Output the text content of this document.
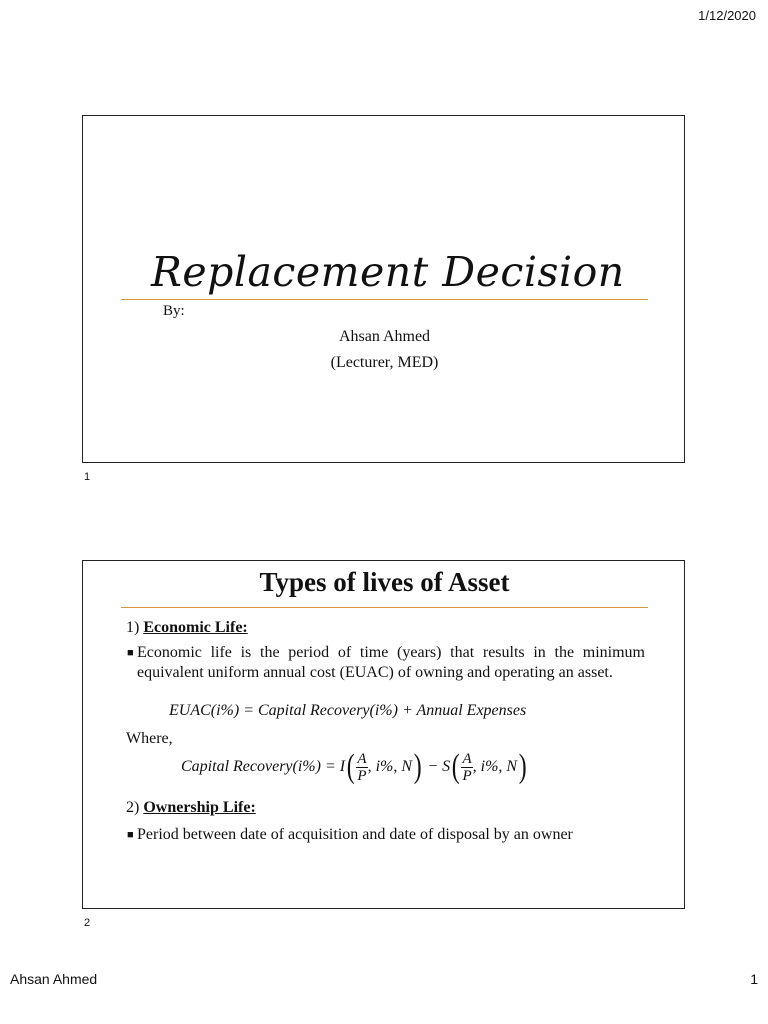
1/12/2020
Replacement Decision
By:
Ahsan Ahmed
(Lecturer, MED)
1
Types of lives of Asset
1) Economic Life:
■ Economic life is the period of time (years) that results in the minimum equivalent uniform annual cost (EUAC) of owning and operating an asset.
EUAC(i%) = Capital Recovery(i%) + Annual Expenses
Where,
Capital Recovery(i%) = $I( \frac{A}{P}$ , i%, $N) - S( \frac{A}{P}$ , i%, N)
2) Ownership Life:
■ Period between date of acquisition and date of disposal by an owner
2
Ahsan Ahmed	1
